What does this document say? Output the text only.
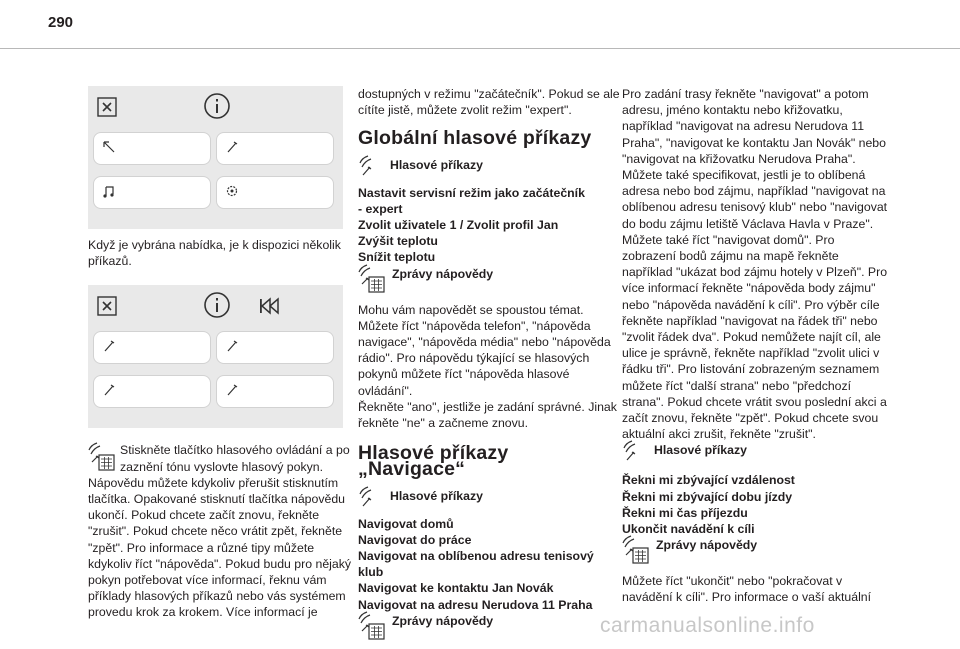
290

Když je vybrána nabídka, je k dispozici několik příkazů.

Stiskněte tlačítko hlasového ovládání a po zaznění tónu vyslovte hlasový pokyn. Nápovědu můžete kdykoliv přerušit stisknutím tlačítka. Opakované stisknutí tlačítka nápovědu ukončí. Pokud chcete začít znovu, řekněte "zrušit". Pokud chcete něco vrátit zpět, řekněte "zpět". Pro informace a různé tipy můžete kdykoliv říct "nápověda". Pokud budu pro nějaký pokyn potřebovat více informací, řeknu vám příklady hlasových příkazů nebo vás systémem provedu krok za krokem. Více informací je

dostupných v režimu "začátečník". Pokud se ale cítíte jistě, můžete zvolit režim "expert".

Globální hlasové příkazy
Hlasové příkazy
Nastavit servisní režim jako začátečník
- expert
Zvolit uživatele 1 / Zvolit profil Jan
Zvýšit teplotu
Snížit teplotu
Zprávy nápovědy

Mohu vám napovědět se spoustou témat. Můžete říct "nápověda telefon", "nápověda navigace", "nápověda média" nebo "nápověda rádio". Pro nápovědu týkající se hlasových pokynů můžete říct "nápověda hlasové ovládání".

Řekněte "ano", jestliže je zadání správné. Jinak řekněte "ne" a začneme znovu.

Hlasové příkazy „Navigace“
Hlasové příkazy
Navigovat domů
Navigovat do práce
Navigovat na oblíbenou adresu tenisový klub
Navigovat ke kontaktu Jan Novák
Navigovat na adresu Nerudova 11 Praha
Zprávy nápovědy

Pro zadání trasy řekněte "navigovat" a potom adresu, jméno kontaktu nebo křižovatku, například "navigovat na adresu Nerudova 11 Praha", "navigovat ke kontaktu Jan Novák" nebo "navigovat na křižovatku Nerudova Praha". Můžete také specifikovat, jestli je to oblíbená adresa nebo bod zájmu, například "navigovat na oblíbenou adresu tenisový klub" nebo "navigovat do bodu zájmu letiště Václava Havla v Praze". Můžete také říct "navigovat domů". Pro zobrazení bodů zájmu na mapě řekněte například "ukázat bod zájmu hotely v Plzeň". Pro více informací řekněte "nápověda body zájmu" nebo "nápověda navádění k cíli". Pro výběr cíle řekněte například "navigovat na řádek tři" nebo "zvolit řádek dva". Pokud nemůžete najít cíl, ale ulice je správně, řekněte například "zvolit ulici v řádku tři". Pro listování zobrazeným seznamem můžete říct "další strana" nebo "předchozí strana". Pokud chcete vrátit svou poslední akci a začít znovu, řekněte "zpět". Pokud chcete svou aktuální akci zrušit, řekněte "zrušit".

Hlasové příkazy
Řekni mi zbývající vzdálenost
Řekni mi zbývající dobu jízdy
Řekni mi čas příjezdu
Ukončit navádění k cíli
Zprávy nápovědy

Můžete říct "ukončit" nebo "pokračovat v navádění k cíli". Pro informace o vaší aktuální

carmanualsonline.info
